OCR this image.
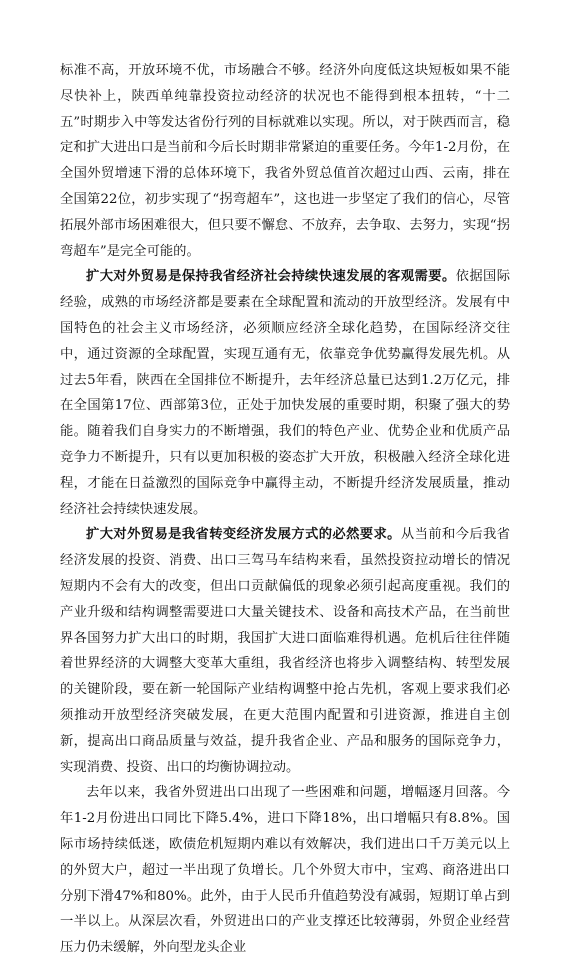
标准不高，开放环境不优，市场融合不够。经济外向度低这块短板如果不能尽快补上，陕西单纯靠投资拉动经济的状况也不能得到根本扭转，“十二五”时期步入中等发达省份行列的目标就难以实现。所以，对于陕西而言，稳定和扩大进出口是当前和今后长时期非常紧迫的重要任务。今年1-2月份，在全国外贸增速下滑的总体环境下，我省外贸总值首次超过山西、云南，排在全国第22位，初步实现了“拐弯超车”，这也进一步坚定了我们的信心，尽管拓展外部市场困难很大，但只要不懈怠、不放弃，去争取、去努力，实现“拐弯超车”是完全可能的。

扩大对外贸易是保持我省经济社会持续快速发展的客观需要。依据国际经验，成熟的市场经济都是要素在全球配置和流动的开放型经济。发展有中国特色的社会主义市场经济，必须顺应经济全球化趋势，在国际经济交往中，通过资源的全球配置，实现互通有无，依靠竞争优势赢得发展先机。从过去5年看，陕西在全国排位不断提升，去年经济总量已达到1.2万亿元，排在全国第17位、西部第3位，正处于加快发展的重要时期，积聚了强大的势能。随着我们自身实力的不断增强，我们的特色产业、优势企业和优质产品竞争力不断提升，只有以更加积极的姿态扩大开放，积极融入经济全球化进程，才能在日益激烈的国际竞争中赢得主动，不断提升经济发展质量，推动经济社会持续快速发展。

扩大对外贸易是我省转变经济发展方式的必然要求。从当前和今后我省经济发展的投资、消费、出口三驾马车结构来看，虽然投资拉动增长的情况短期内不会有大的改变，但出口贡献偏低的现象必须引起高度重视。我们的产业升级和结构调整需要进口大量关键技术、设备和高技术产品，在当前世界各国努力扩大出口的时期，我国扩大进口面临难得机遇。危机后往往伴随着世界经济的大调整大变革大重组，我省经济也将步入调整结构、转型发展的关键阶段，要在新一轮国际产业结构调整中抢占先机，客观上要求我们必须推动开放型经济突破发展，在更大范围内配置和引进资源，推进自主创新，提高出口商品质量与效益，提升我省企业、产品和服务的国际竞争力，实现消费、投资、出口的均衡协调拉动。

去年以来，我省外贸进出口出现了一些困难和问题，增幅逐月回落。今年1-2月份进出口同比下降5.4%，进口下降18%，出口增幅只有8.8%。国际市场持续低迷，欧债危机短期内难以有效解决，我们进出口千万美元以上的外贸大户，超过一半出现了负增长。几个外贸大市中，宝鸡、商洛进出口分别下滑47%和80%。此外，由于人民币升值趋势没有减弱，短期订单占到一半以上。从深层次看，外贸进出口的产业支撑还比较薄弱，外贸企业经营压力仍未缓解，外向型龙头企业
